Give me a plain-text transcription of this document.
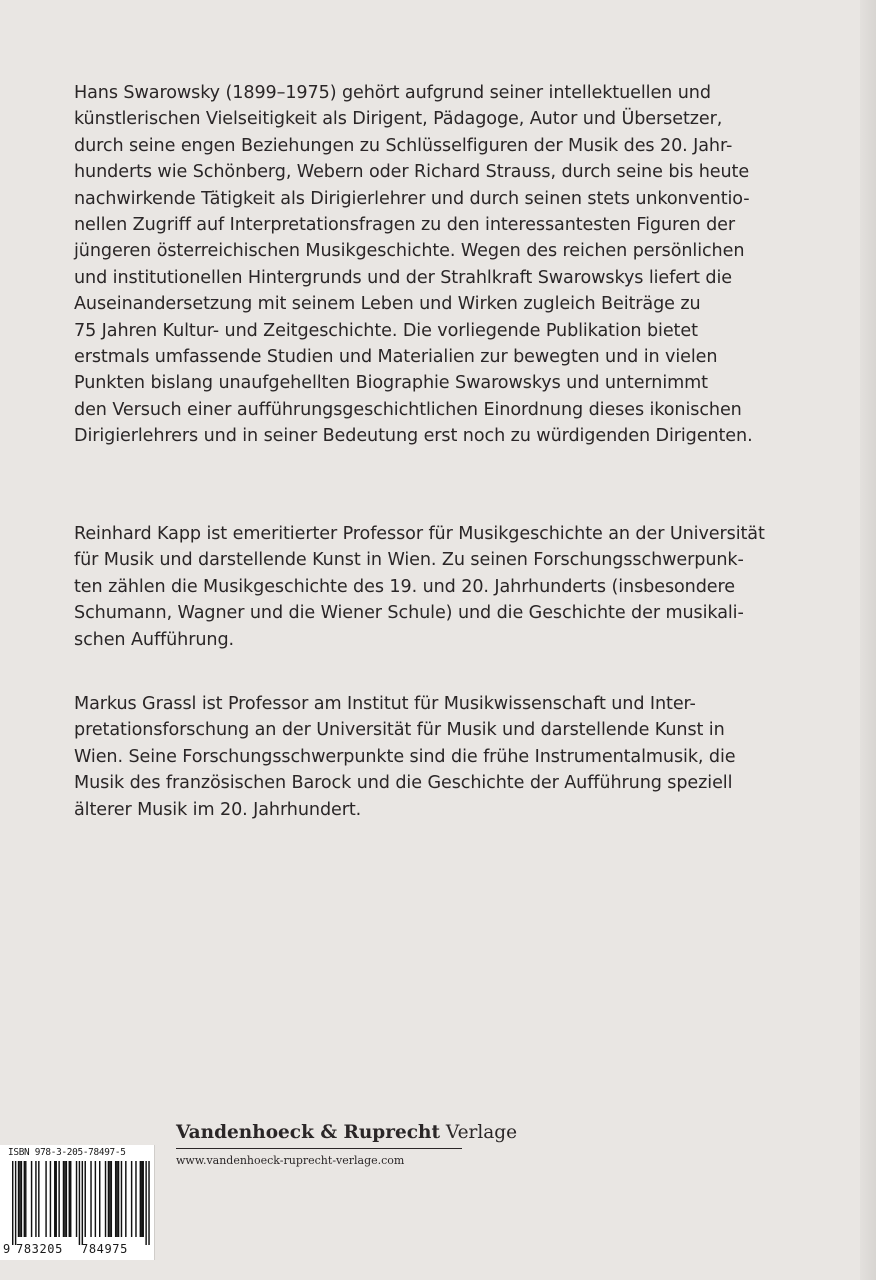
Hans Swarowsky (1899–1975) gehört aufgrund seiner intellektuellen und
künstlerischen Vielseitigkeit als Dirigent, Pädagoge, Autor und Übersetzer,
durch seine engen Beziehungen zu Schlüsselfiguren der Musik des 20. Jahr-
hunderts wie Schönberg, Webern oder Richard Strauss, durch seine bis heute
nachwirkende Tätigkeit als Dirigierlehrer und durch seinen stets unkonventio-
nellen Zugriff auf Interpretationsfragen zu den interessantesten Figuren der
jüngeren österreichischen Musikgeschichte. Wegen des reichen persönlichen
und institutionellen Hintergrunds und der Strahlkraft Swarowskys liefert die
Auseinandersetzung mit seinem Leben und Wirken zugleich Beiträge zu
75 Jahren Kultur- und Zeitgeschichte. Die vorliegende Publikation bietet
erstmals umfassende Studien und Materialien zur bewegten und in vielen
Punkten bislang unaufgehellten Biographie Swarowskys und unternimmt
den Versuch einer aufführungsgeschichtlichen Einordnung dieses ikonischen
Dirigierlehrers und in seiner Bedeutung erst noch zu würdigenden Dirigenten.
Reinhard Kapp ist emeritierter Professor für Musikgeschichte an der Universität
für Musik und darstellende Kunst in Wien. Zu seinen Forschungsschwerpunk-
ten zählen die Musikgeschichte des 19. und 20. Jahrhunderts (insbesondere
Schumann, Wagner und die Wiener Schule) und die Geschichte der musikali-
schen Aufführung.
Markus Grassl ist Professor am Institut für Musikwissenschaft und Inter-
pretationsforschung an der Universität für Musik und darstellende Kunst in
Wien. Seine Forschungsschwerpunkte sind die frühe Instrumentalmusik, die
Musik des französischen Barock und die Geschichte der Aufführung speziell
älterer Musik im 20. Jahrhundert.
Vandenhoeck & Ruprecht Verlage
www.vandenhoeck-ruprecht-verlage.com
ISBN 978-3-205-78497-5
9 783205 784975
